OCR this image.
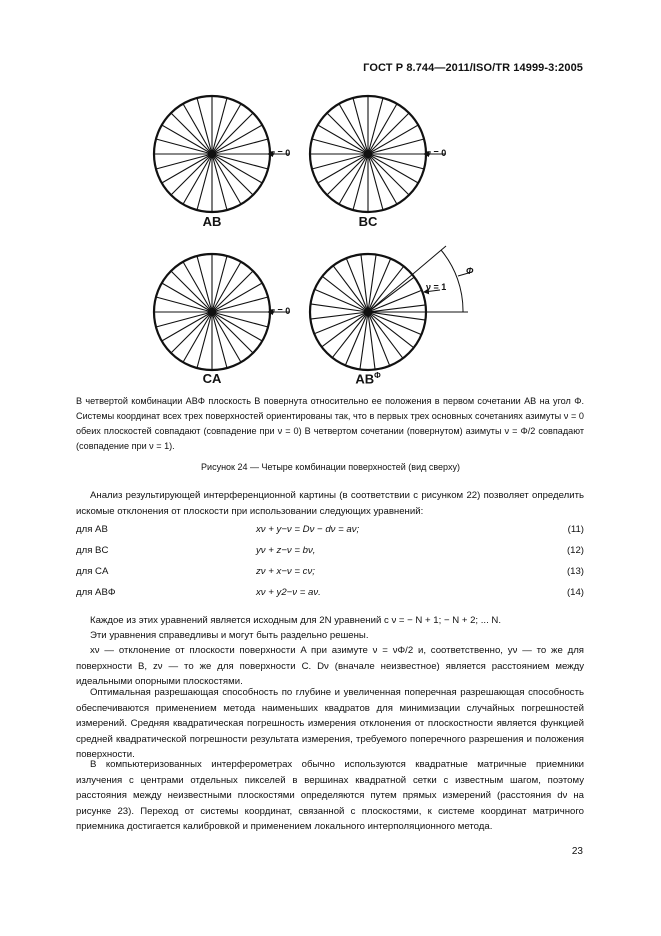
ГОСТ Р 8.744—2011/ISO/TR 14999-3:2005
AB	BC
CA	$AB^\Phi$
ν = 0	ν = 0
ν = 0
ν = 1
Φ
В четвертой комбинации ABΦ плоскость B повернута относительно ее положения в первом сочетании AB на угол Φ. Системы координат всех трех поверхностей ориентированы так, что в первых трех основных сочетаниях азимуты ν = 0 обеих плоскостей совпадают (совпадение при ν = 0) В четвертом сочетании (повернутом) азимуты ν = Φ/2 совпадают (совпадение при ν = 1).
Рисунок 24 — Четыре комбинации поверхностей (вид сверху)
Анализ результирующей интерференционной картины (в соответствии с рисунком 22) позволяет определить искомые отклонения от плоскости при использовании следующих уравнений:
для AB	xν + y−ν = Dν − dν = aν;	(11)
для BC	yν + z−ν = bν,	(12)
для CA	zν + x−ν = cν;	(13)
для ABΦ	xν + y2−ν = aν.	(14)
Каждое из этих уравнений является исходным для 2N уравнений с ν = − N + 1; − N + 2; ... N.
Эти уравнения справедливы и могут быть раздельно решены.
xν — отклонение от плоскости поверхности A при азимуте ν = νΦ/2 и, соответственно, yν — то же для поверхности B, zν — то же для поверхности C. Dν (вначале неизвестное) является расстоянием между идеальными опорными плоскостями.
Оптимальная разрешающая способность по глубине и увеличенная поперечная разрешающая способность обеспечиваются применением метода наименьших квадратов для минимизации случайных погрешностей измерений. Средняя квадратическая погрешность измерения отклонения от плоскостности является функцией средней квадратической погрешности результата измерения, требуемого поперечного разрешения и положения поверхности.
В компьютеризованных интерферометрах обычно используются квадратные матричные приемники излучения с центрами отдельных пикселей в вершинах квадратной сетки с известным шагом, поэтому расстояния между неизвестными плоскостями определяются путем прямых измерений (расстояния dν на рисунке 23). Переход от системы координат, связанной с плоскостями, к системе координат матричного приемника достигается калибровкой и применением локального интерполяционного метода.
23
